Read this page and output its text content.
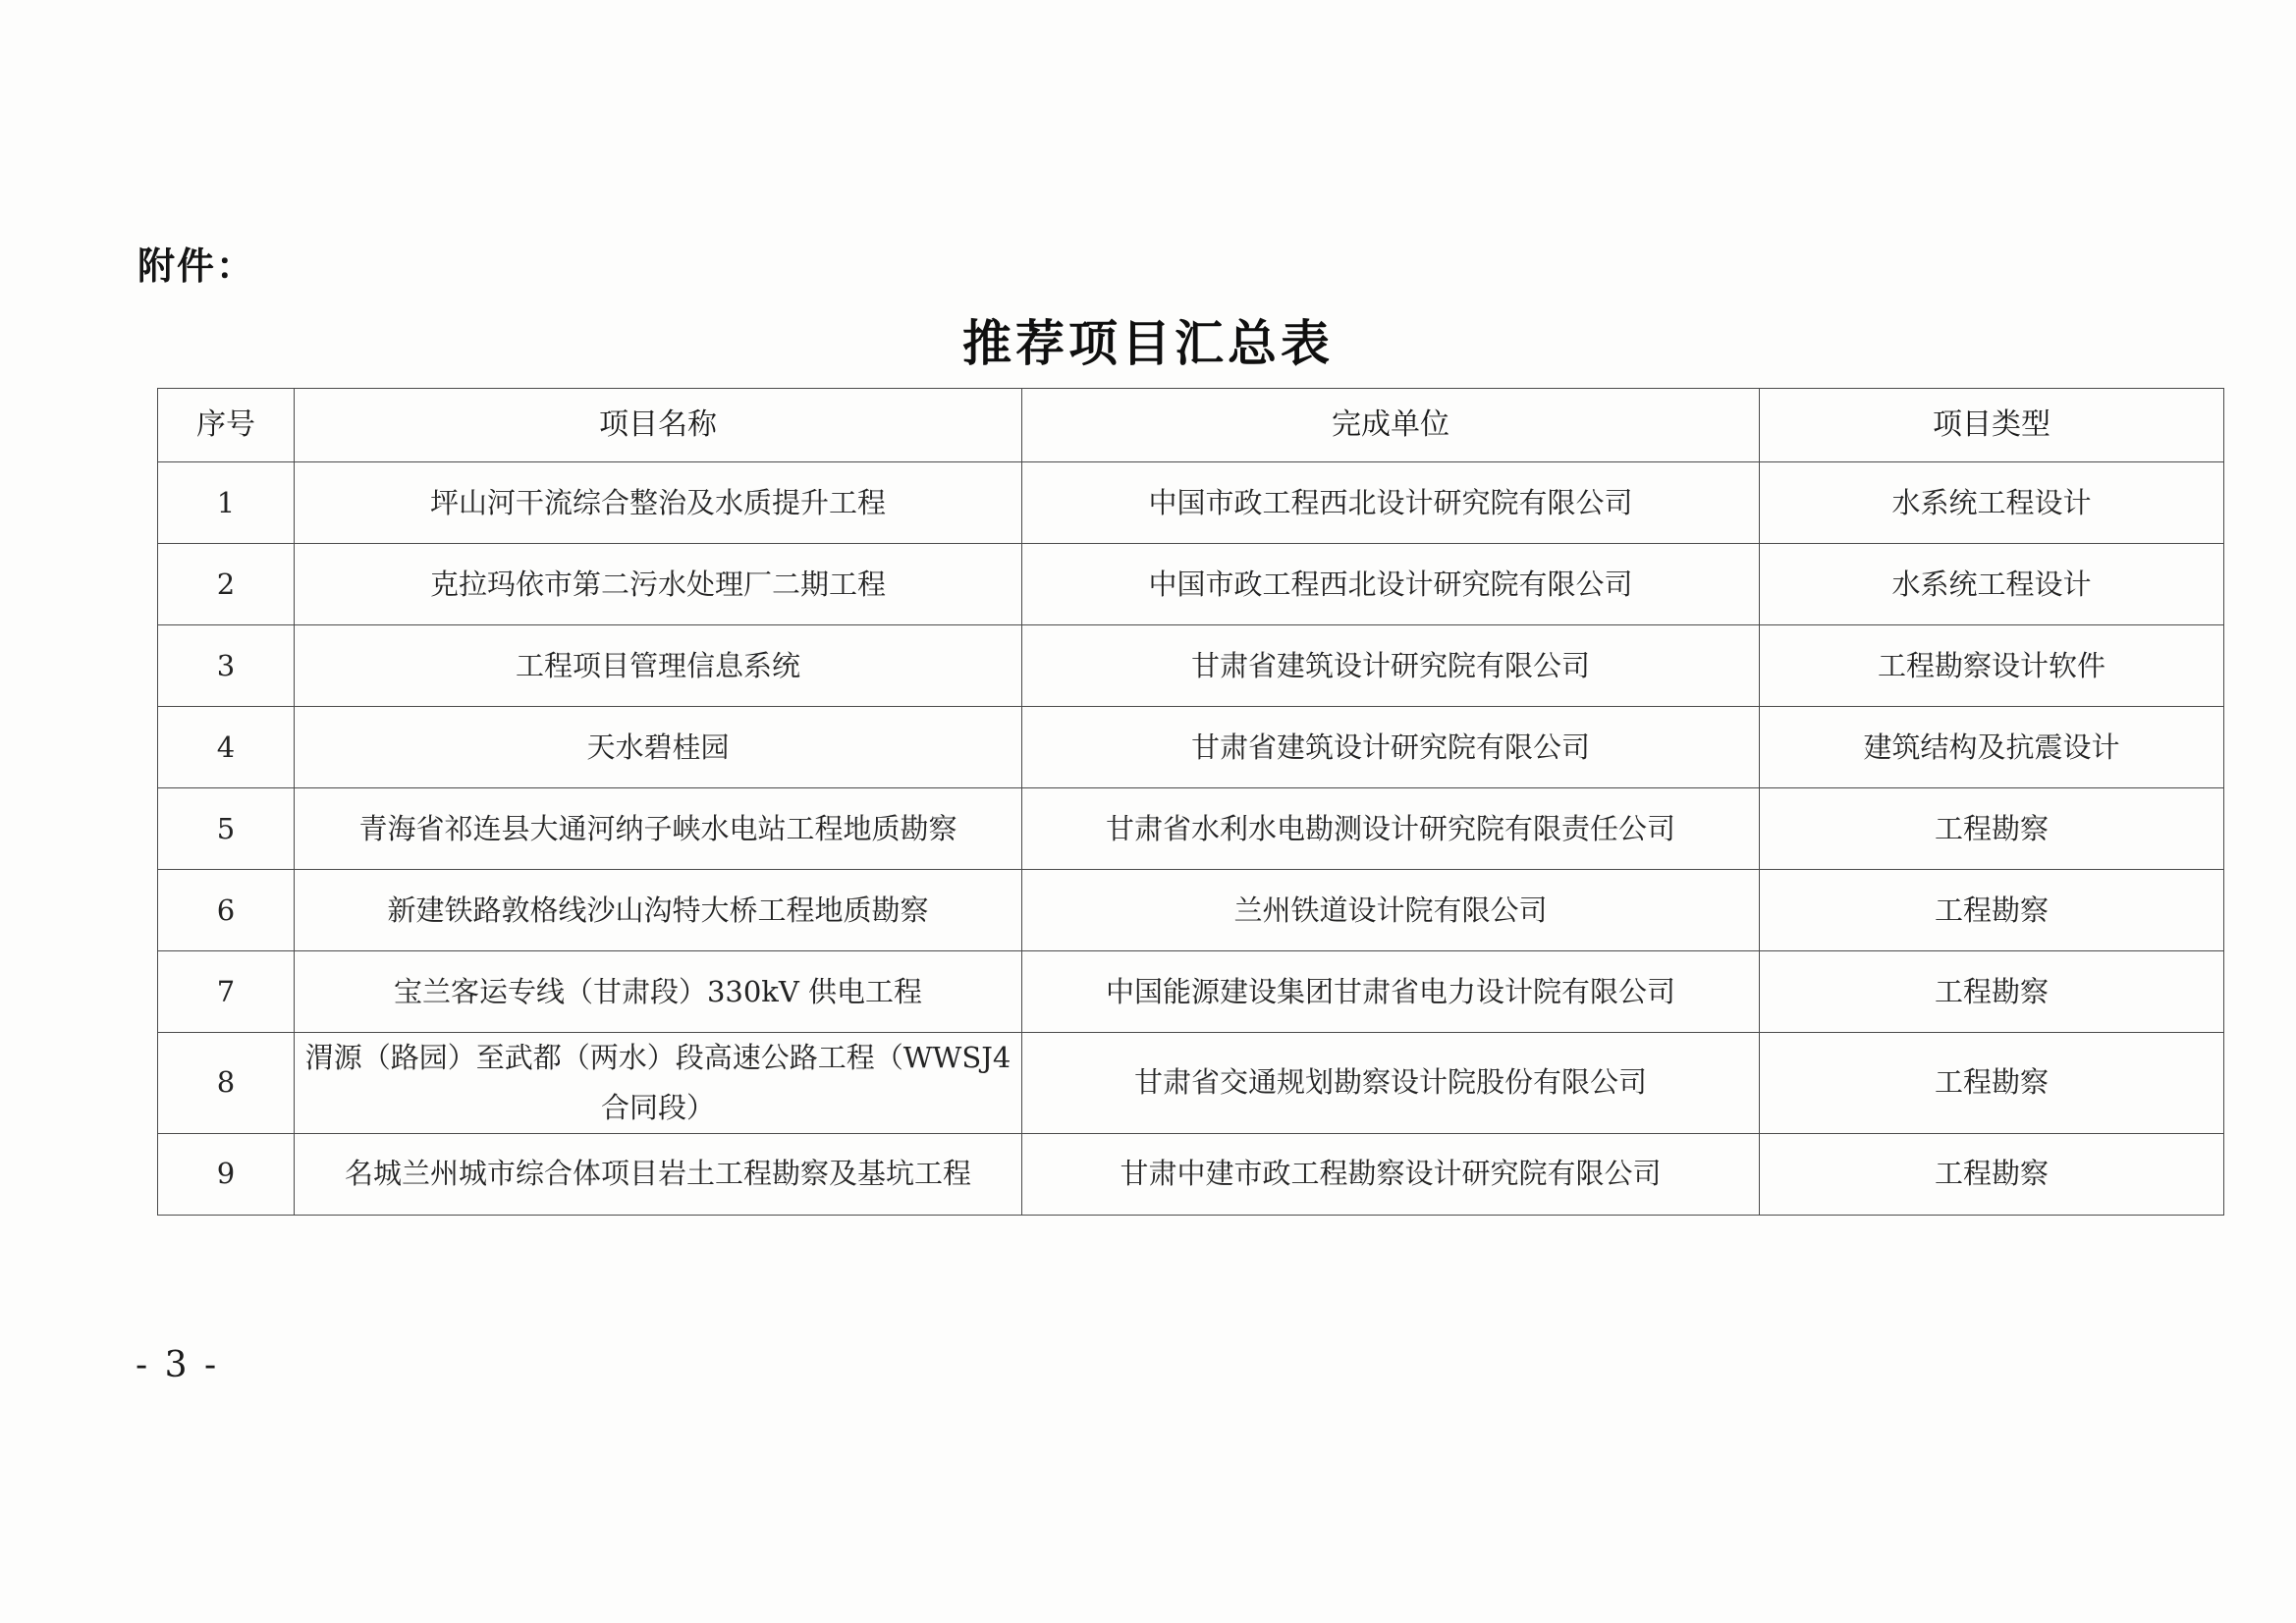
附件：
推荐项目汇总表
序号	项目名称	完成单位	项目类型
1	坪山河干流综合整治及水质提升工程	中国市政工程西北设计研究院有限公司	水系统工程设计
2	克拉玛依市第二污水处理厂二期工程	中国市政工程西北设计研究院有限公司	水系统工程设计
3	工程项目管理信息系统	甘肃省建筑设计研究院有限公司	工程勘察设计软件
4	天水碧桂园	甘肃省建筑设计研究院有限公司	建筑结构及抗震设计
5	青海省祁连县大通河纳子峡水电站工程地质勘察	甘肃省水利水电勘测设计研究院有限责任公司	工程勘察
6	新建铁路敦格线沙山沟特大桥工程地质勘察	兰州铁道设计院有限公司	工程勘察
7	宝兰客运专线（甘肃段）330kV 供电工程	中国能源建设集团甘肃省电力设计院有限公司	工程勘察
8	渭源（路园）至武都（两水）段高速公路工程（WWSJ4 合同段）	甘肃省交通规划勘察设计院股份有限公司	工程勘察
9	名城兰州城市综合体项目岩土工程勘察及基坑工程	甘肃中建市政工程勘察设计研究院有限公司	工程勘察
- 3 -
